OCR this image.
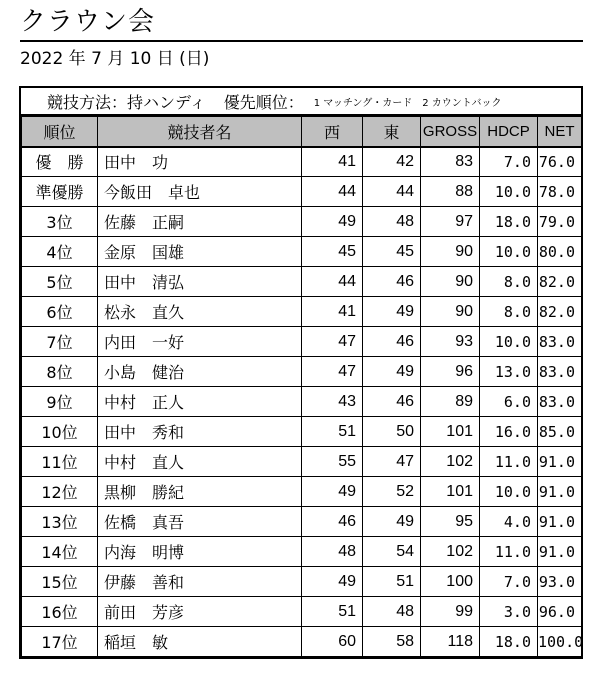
クラウン会
2022 年 7 月 10 日 (日)
競技方法： 持ハンディ 優先順位： 1 マッチング・カード　2 カウントバック
順位	競技者名	西	東	GROSS	HDCP	NET
優　勝	田中　功	41	42	83	7.0	76.0
準優勝	今飯田　卓也	44	44	88	10.0	78.0
3位	佐藤　正嗣	49	48	97	18.0	79.0
4位	金原　国雄	45	45	90	10.0	80.0
5位	田中　清弘	44	46	90	8.0	82.0
6位	松永　直久	41	49	90	8.0	82.0
7位	内田　一好	47	46	93	10.0	83.0
8位	小島　健治	47	49	96	13.0	83.0
9位	中村　正人	43	46	89	6.0	83.0
10位	田中　秀和	51	50	101	16.0	85.0
11位	中村　直人	55	47	102	11.0	91.0
12位	黒柳　勝紀	49	52	101	10.0	91.0
13位	佐橋　真吾	46	49	95	4.0	91.0
14位	内海　明博	48	54	102	11.0	91.0
15位	伊藤　善和	49	51	100	7.0	93.0
16位	前田　芳彦	51	48	99	3.0	96.0
17位	稲垣　敏	60	58	118	18.0	100.0
